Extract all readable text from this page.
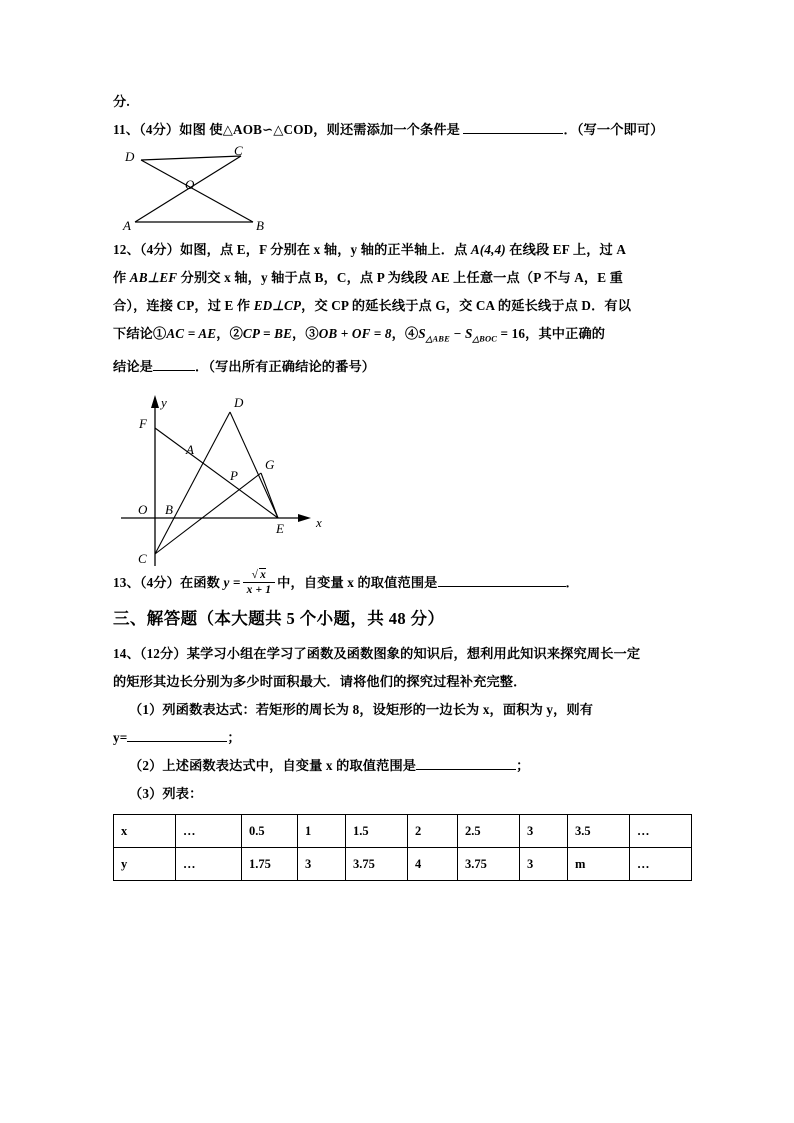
分.

11、（4分）如图 使△AOB∽△COD，则还需添加一个条件是	．（写一个即可）

D	C
O
A	B

12、（4分）如图，点 E，F 分别在 x 轴，y 轴的正半轴上．点 A(4,4) 在线段 EF 上，过 A

作 AB⊥EF 分别交 x 轴，y 轴于点 B，C，点 P 为线段 AE 上任意一点（P 不与 A，E 重

合），连接 CP，过 E 作 ED⊥CP，交 CP 的延长线于点 G，交 CA 的延长线于点 D．有以

下结论①AC = AE，②CP = BE，③OB + OF = 8，$④S_{\triangle ABE} - S_{\triangle BOC} = 16$，其中正确的

结论是	．（写出所有正确结论的番号）

y	D
F
A
G
P
O B
E x
C

13、（4分）在函数 $y = \frac{√ x}{x + 1}$ 中，自变量 x 的取值范围是	．

三、解答题（本大题共 5 个小题，共 48 分）

14、（12分）某学习小组在学习了函数及函数图象的知识后，想利用此知识来探究周长一定

的矩形其边长分别为多少时面积最大．请将他们的探究过程补充完整．

（1）列函数表达式：若矩形的周长为 8，设矩形的一边长为 x，面积为 y，则有

y=	；

（2）上述函数表达式中，自变量 x 的取值范围是	；

（3）列表：

x	…	0.5	1	1.5	2	2.5	3	3.5	…
y	…	1.75	3	3.75	4	3.75	3	m	…
